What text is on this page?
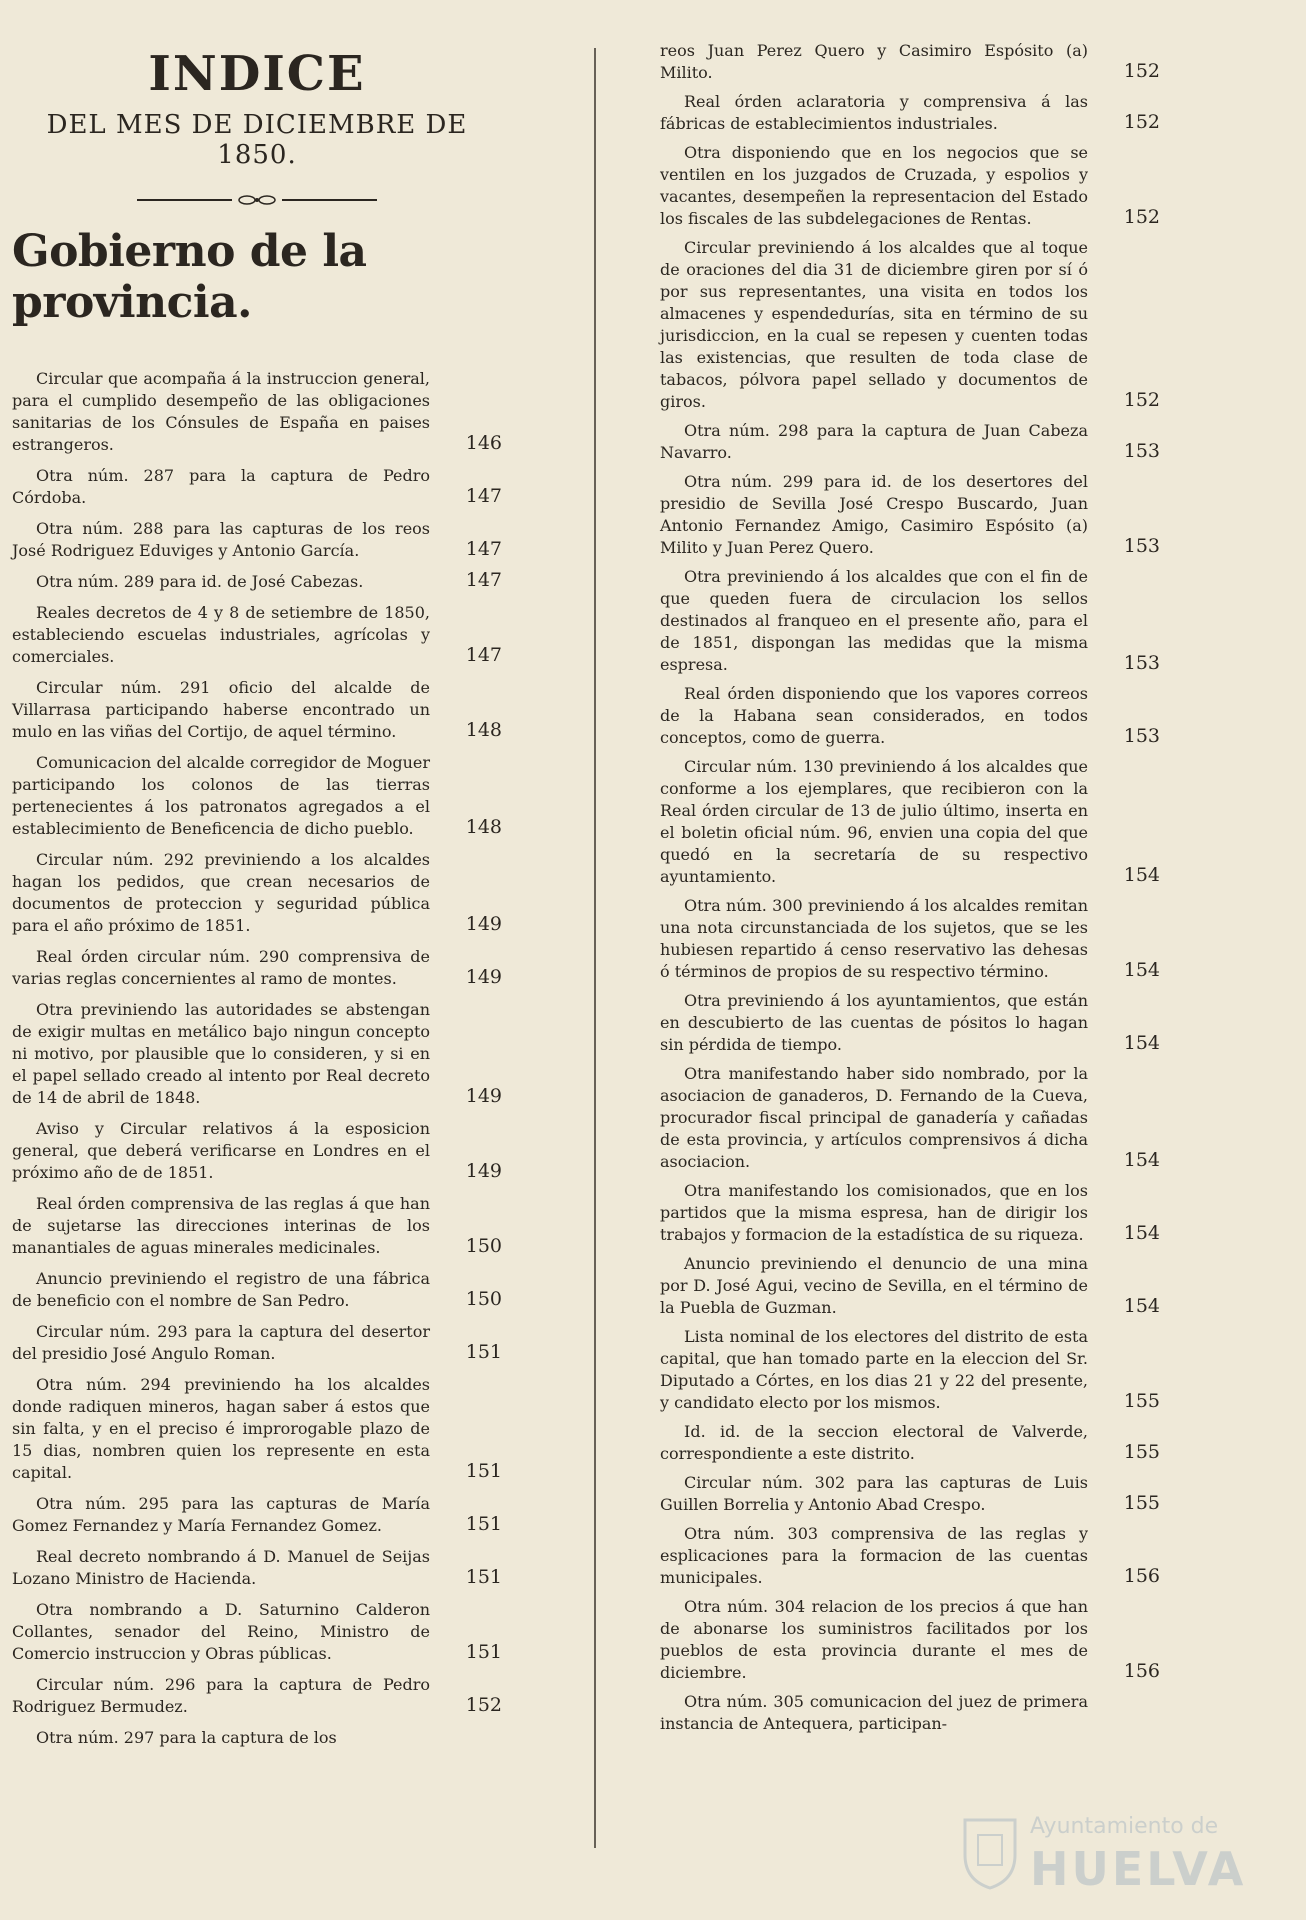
INDICE
DEL MES DE DICIEMBRE DE 1850.
Gobierno de la provincia.
Circular que acompaña á la instruccion general, para el cumplido desempeño de las obligaciones sanitarias de los Cónsules de España en paises estrangeros.	146
Otra núm. 287 para la captura de Pedro Córdoba.	147
Otra núm. 288 para las capturas de los reos José Rodriguez Eduviges y Antonio García.	147
Otra núm. 289 para id. de José Cabezas.	147
Reales decretos de 4 y 8 de setiembre de 1850, estableciendo escuelas industriales, agrícolas y comerciales.	147
Circular núm. 291 oficio del alcalde de Villarrasa participando haberse encontrado un mulo en las viñas del Cortijo, de aquel término.	148
Comunicacion del alcalde corregidor de Moguer participando los colonos de las tierras pertenecientes á los patronatos agregados a el establecimiento de Beneficencia de dicho pueblo.	148
Circular núm. 292 previniendo a los alcaldes hagan los pedidos, que crean necesarios de documentos de proteccion y seguridad pública para el año próximo de 1851.	149
Real órden circular núm. 290 comprensiva de varias reglas concernientes al ramo de montes.	149
Otra previniendo las autoridades se abstengan de exigir multas en metálico bajo ningun concepto ni motivo, por plausible que lo consideren, y si en el papel sellado creado al intento por Real decreto de 14 de abril de 1848.	149
Aviso y Circular relativos á la esposicion general, que deberá verificarse en Londres en el próximo año de de 1851.	149
Real órden comprensiva de las reglas á que han de sujetarse las direcciones interinas de los manantiales de aguas minerales medicinales.	150
Anuncio previniendo el registro de una fábrica de beneficio con el nombre de San Pedro.	150
Circular núm. 293 para la captura del desertor del presidio José Angulo Roman.	151
Otra núm. 294 previniendo ha los alcaldes donde radiquen mineros, hagan saber á estos que sin falta, y en el preciso é improrogable plazo de 15 dias, nombren quien los represente en esta capital.	151
Otra núm. 295 para las capturas de María Gomez Fernandez y María Fernandez Gomez.	151
Real decreto nombrando á D. Manuel de Seijas Lozano Ministro de Hacienda.	151
Otra nombrando a D. Saturnino Calderon Collantes, senador del Reino, Ministro de Comercio instruccion y Obras públicas.	151
Circular núm. 296 para la captura de Pedro Rodriguez Bermudez.	152
Otra núm. 297 para la captura de los
reos Juan Perez Quero y Casimiro Espósito (a) Milito.	152
Real órden aclaratoria y comprensiva á las fábricas de establecimientos industriales.	152
Otra disponiendo que en los negocios que se ventilen en los juzgados de Cruzada, y espolios y vacantes, desempeñen la representacion del Estado los fiscales de las subdelegaciones de Rentas.	152
Circular previniendo á los alcaldes que al toque de oraciones del dia 31 de diciembre giren por sí ó por sus representantes, una visita en todos los almacenes y espendedurías, sita en término de su jurisdiccion, en la cual se repesen y cuenten todas las existencias, que resulten de toda clase de tabacos, pólvora papel sellado y documentos de giros.	152
Otra núm. 298 para la captura de Juan Cabeza Navarro.	153
Otra núm. 299 para id. de los desertores del presidio de Sevilla José Crespo Buscardo, Juan Antonio Fernandez Amigo, Casimiro Espósito (a) Milito y Juan Perez Quero.	153
Otra previniendo á los alcaldes que con el fin de que queden fuera de circulacion los sellos destinados al franqueo en el presente año, para el de 1851, dispongan las medidas que la misma espresa.	153
Real órden disponiendo que los vapores correos de la Habana sean considerados, en todos conceptos, como de guerra.	153
Circular núm. 130 previniendo á los alcaldes que conforme a los ejemplares, que recibieron con la Real órden circular de 13 de julio último, inserta en el boletin oficial núm. 96, envien una copia del que quedó en la secretaría de su respectivo ayuntamiento.	154
Otra núm. 300 previniendo á los alcaldes remitan una nota circunstanciada de los sujetos, que se les hubiesen repartido á censo reservativo las dehesas ó términos de propios de su respectivo término.	154
Otra previniendo á los ayuntamientos, que están en descubierto de las cuentas de pósitos lo hagan sin pérdida de tiempo.	154
Otra manifestando haber sido nombrado, por la asociacion de ganaderos, D. Fernando de la Cueva, procurador fiscal principal de ganadería y cañadas de esta provincia, y artículos comprensivos á dicha asociacion.	154
Otra manifestando los comisionados, que en los partidos que la misma espresa, han de dirigir los trabajos y formacion de la estadística de su riqueza. 154
Anuncio previniendo el denuncio de una mina por D. José Agui, vecino de Sevilla, en el término de la Puebla de Guzman.	154
Lista nominal de los electores del distrito de esta capital, que han tomado parte en la eleccion del Sr. Diputado a Córtes, en los dias 21 y 22 del presente, y candidato electo por los mismos.	155
Id. id. de la seccion electoral de Valverde, correspondiente a este distrito.	155
Circular núm. 302 para las capturas de Luis Guillen Borrelia y Antonio Abad Crespo.	155
Otra núm. 303 comprensiva de las reglas y esplicaciones para la formacion de las cuentas municipales.	156
Otra núm. 304 relacion de los precios á que han de abonarse los suministros facilitados por los pueblos de esta provincia durante el mes de diciembre.	156
Otra núm. 305 comunicacion del juez de primera instancia de Antequera, participan-
Ayuntamiento de
HUELVA
